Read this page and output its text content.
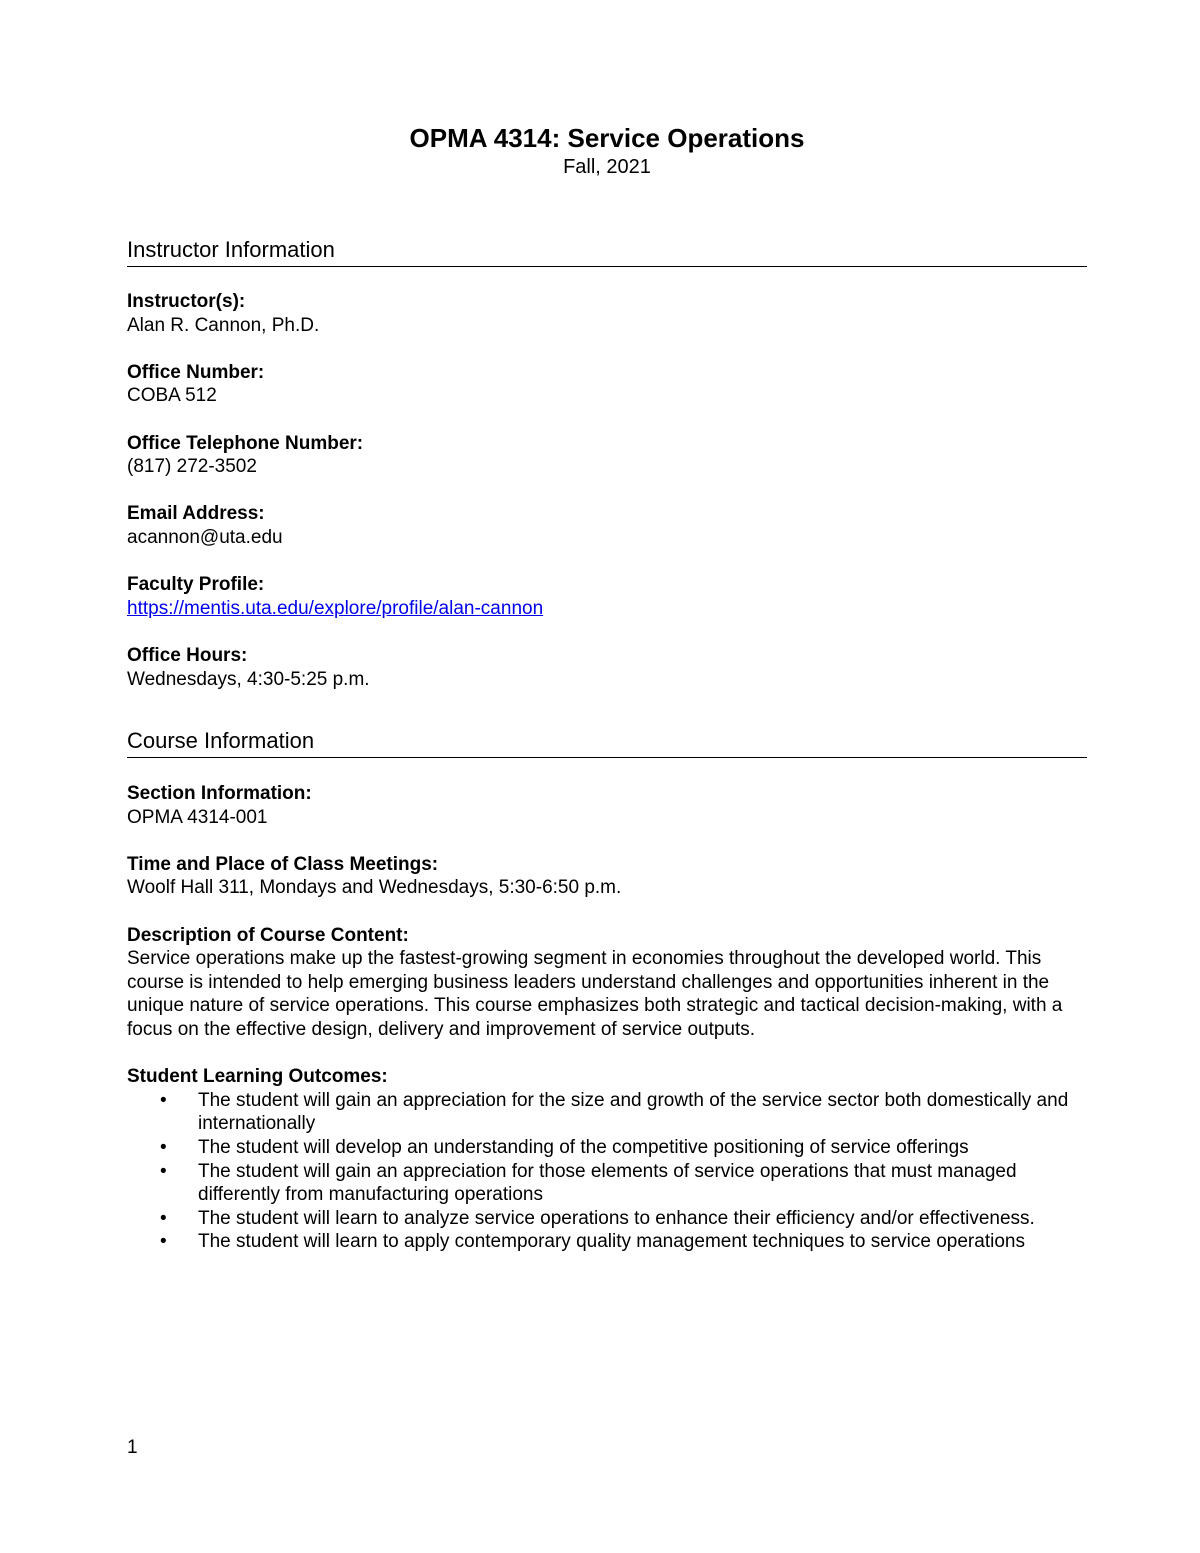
OPMA 4314: Service Operations
Fall, 2021
Instructor Information
Instructor(s):
Alan R. Cannon, Ph.D.
Office Number:
COBA 512
Office Telephone Number:
(817) 272-3502
Email Address:
acannon@uta.edu
Faculty Profile:
https://mentis.uta.edu/explore/profile/alan-cannon
Office Hours:
Wednesdays, 4:30-5:25 p.m.
Course Information
Section Information:
OPMA 4314-001
Time and Place of Class Meetings:
Woolf Hall 311, Mondays and Wednesdays, 5:30-6:50 p.m.
Description of Course Content:
Service operations make up the fastest-growing segment in economies throughout the developed world. This course is intended to help emerging business leaders understand challenges and opportunities inherent in the unique nature of service operations. This course emphasizes both strategic and tactical decision-making, with a focus on the effective design, delivery and improvement of service outputs.
Student Learning Outcomes:
• The student will gain an appreciation for the size and growth of the service sector both domestically and internationally
• The student will develop an understanding of the competitive positioning of service offerings
• The student will gain an appreciation for those elements of service operations that must managed differently from manufacturing operations
• The student will learn to analyze service operations to enhance their efficiency and/or effectiveness.
• The student will learn to apply contemporary quality management techniques to service operations
1
